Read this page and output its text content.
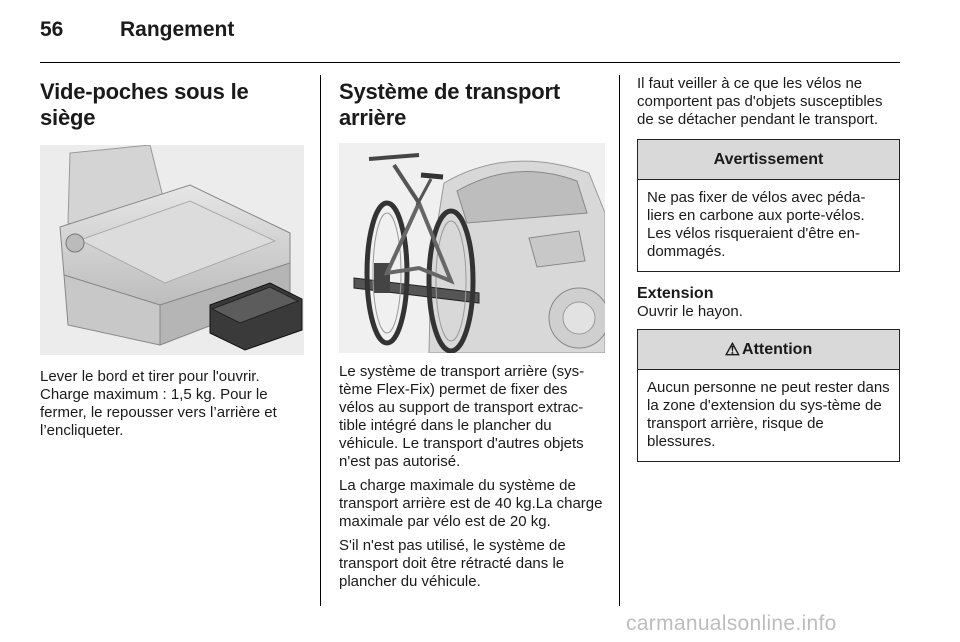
56	Rangement
Vide-poches sous le siège

Lever le bord et tirer pour l'ouvrir. Charge maximum : 1,5 kg. Pour le fermer, le repousser vers l’arrière et l’encliqueter.

Système de transport
arrière

Le système de transport arrière (sys-tème Flex-Fix) permet de fixer des vélos au support de transport extrac-tible intégré dans le plancher du véhicule. Le transport d'autres objets n'est pas autorisé.

La charge maximale du système de transport arrière est de 40 kg.La charge maximale par vélo est de 20 kg.

S'il n'est pas utilisé, le système de transport doit être rétracté dans le plancher du véhicule.

Il faut veiller à ce que les vélos ne comportent pas d'objets susceptibles de se détacher pendant le transport.

Avertissement

Ne pas fixer de vélos avec péda-liers en carbone aux porte-vélos. Les vélos risqueraient d'être en-dommagés.

Extension

Ouvrir le hayon.

⚠ Attention

Aucun personne ne peut rester dans la zone d'extension du sys-tème de transport arrière, risque de blessures.

carmanualsonline.info
